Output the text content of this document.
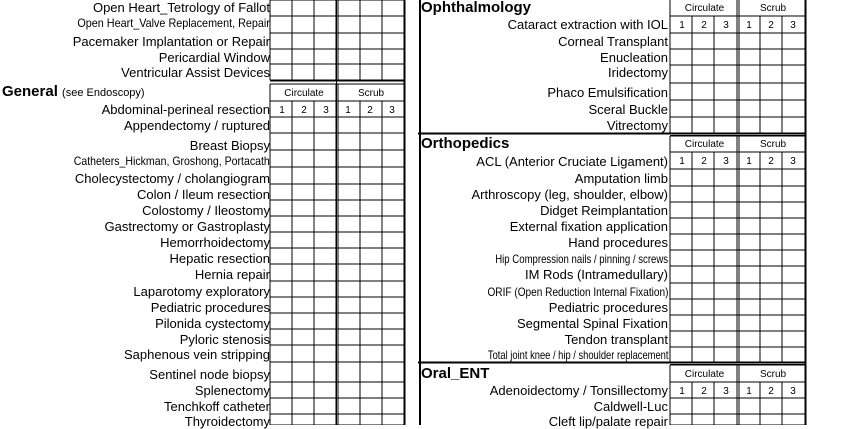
Open Heart_Tetrology of Fallot
Open Heart_Valve Replacement, Repair
Pacemaker Implantation or Repair
Pericardial Window
Ventricular Assist Devices
General (see Endoscopy)	Circulate	Scrub
1	2	3	1	2	3
Abdominal-perineal resection
Appendectomy / ruptured
Breast Biopsy
Catheters_Hickman, Groshong, Portacath
Cholecystectomy / cholangiogram
Colon / Ileum resection
Colostomy / Ileostomy
Gastrectomy or Gastroplasty
Hemorrhoidectomy
Hepatic resection
Hernia repair
Laparotomy exploratory
Pediatric procedures
Pilonida cystectomy
Pyloric stenosis
Saphenous vein stripping
Sentinel node biopsy
Splenectomy
Tenchkoff catheter
Thyroidectomy
Ophthalmology	Circulate	Scrub
1	2	3	1	2	3
Cataract extraction with IOL
Corneal Transplant
Enucleation
Iridectomy
Phaco Emulsification
Sceral Buckle
Vitrectomy
Orthopedics	Circulate	Scrub
1	2	3	1	2	3
ACL (Anterior Cruciate Ligament)
Amputation limb
Arthroscopy (leg, shoulder, elbow)
Didget Reimplantation
External fixation application
Hand procedures
Hip Compression nails / pinning / screws
IM Rods (Intramedullary)
ORIF (Open Reduction Internal Fixation)
Pediatric procedures
Segmental Spinal Fixation
Tendon transplant
Total joint knee / hip / shoulder replacement
Oral_ENT	Circulate	Scrub
1	2	3	1	2	3
Adenoidectomy / Tonsillectomy
Caldwell-Luc
Cleft lip/palate repair
